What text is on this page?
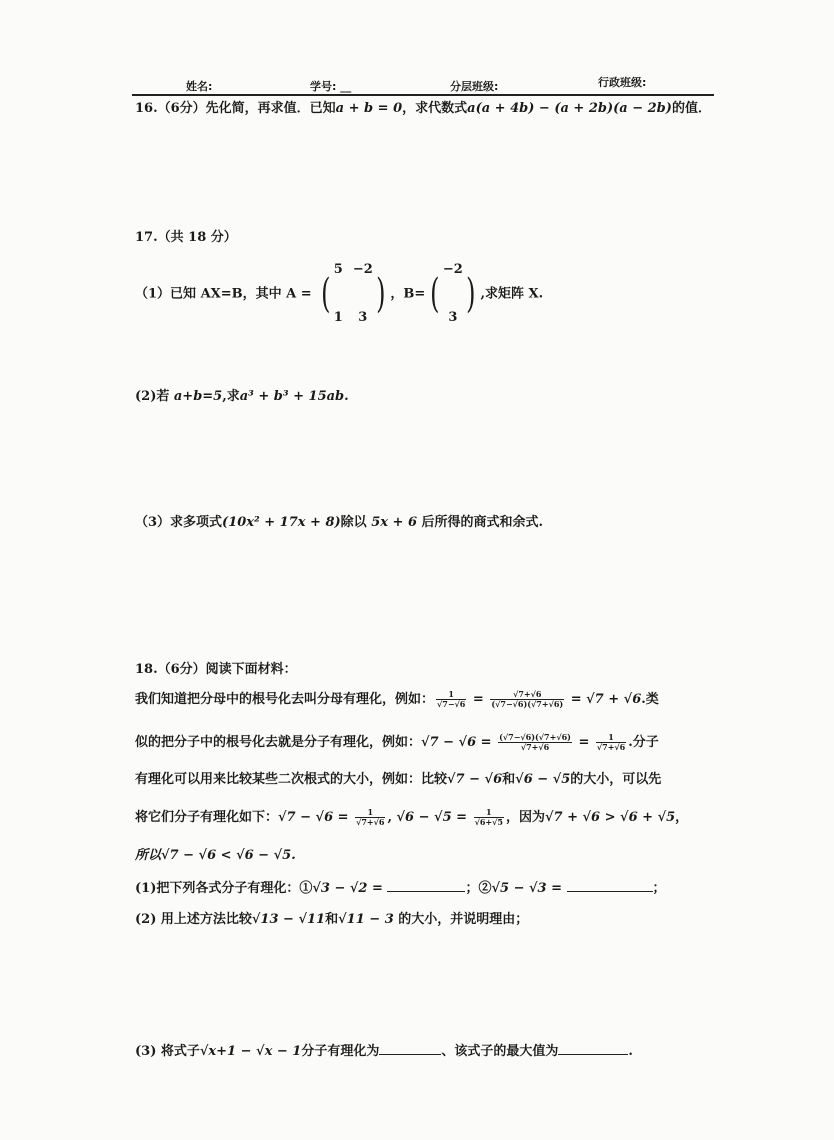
姓名:	学号: __	分层班级:	行政班级:
16.（6分）先化简，再求值．已知a + b = 0，求代数式a(a + 4b) − (a + 2b)(a − 2b)的值．
17.（共 18 分）
（1）已知 AX=B，其中 A = (
5 −2
1	3
) ，B= (
−2
3
) ,求矩阵 X.
(2)若 a+b=5,求a³ + b³ + 15ab.
（3）求多项式(10x² + 17x + 8)除以 5x + 6 后所得的商式和余式.
18.（6分）阅读下面材料：
我们知道把分母中的根号化去叫分母有理化，例如： $\frac{1}{√7-√6} = \frac{√7+√6}{(√7-√6)(√7+√6)} = √7 + √6$.类
似的把分子中的根号化去就是分子有理化，例如：$√7 - √6 = \frac{(√7-√6)(√7+√6)}{√7+√6} = \frac{1}{√7+√6}$ .分子
有理化可以用来比较某些二次根式的大小，例如：比较√7 − √6和√6 − √5的大小，可以先
将它们分子有理化如下：$√7 - √6 = \frac{1}{√7+√6}$ , $√6 - √5 = \frac{1}{√6+√5}$ ，因为√7 + √6 > √6 + √5，
所以√7 − √6 < √6 − √5.
(1)把下列各式分子有理化：①√3 − √2 =	；②√5 − √3 =	；
(2) 用上述方法比较√13 − √11和√11 − 3 的大小，并说明理由；
(3) 将式子√x+1 − √x − 1分子有理化为	、该式子的最大值为	.
